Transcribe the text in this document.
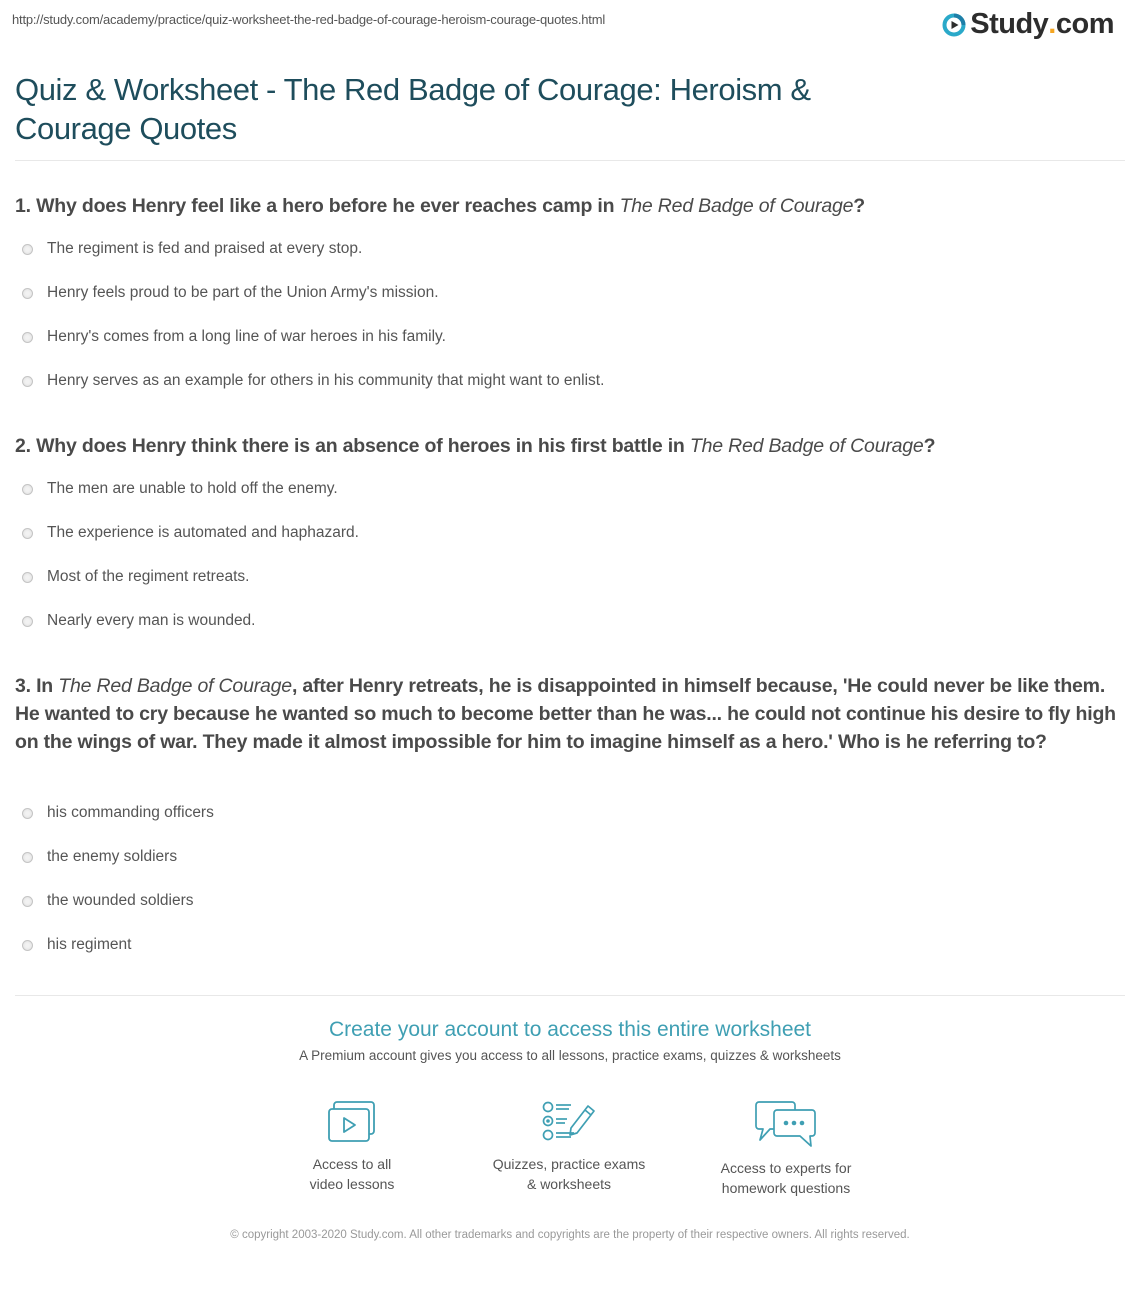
http://study.com/academy/practice/quiz-worksheet-the-red-badge-of-courage-heroism-courage-quotes.html	Study . com
Quiz & Worksheet - The Red Badge of Courage: Heroism & Courage Quotes
1. Why does Henry feel like a hero before he ever reaches camp in The Red Badge of Courage?
The regiment is fed and praised at every stop.
Henry feels proud to be part of the Union Army's mission.
Henry's comes from a long line of war heroes in his family.
Henry serves as an example for others in his community that might want to enlist.
2. Why does Henry think there is an absence of heroes in his first battle in The Red Badge of Courage?
The men are unable to hold off the enemy.
The experience is automated and haphazard.
Most of the regiment retreats.
Nearly every man is wounded.
3. In The Red Badge of Courage, after Henry retreats, he is disappointed in himself because, 'He could never be like them. He wanted to cry because he wanted so much to become better than he was... he could not continue his desire to fly high on the wings of war. They made it almost impossible for him to imagine himself as a hero.' Who is he referring to?
his commanding officers
the enemy soldiers
the wounded soldiers
his regiment
Create your account to access this entire worksheet
A Premium account gives you access to all lessons, practice exams, quizzes & worksheets
Access to all
video lessons
Quizzes, practice exams
& worksheets
Access to experts for
homework questions
© copyright 2003-2020 Study.com. All other trademarks and copyrights are the property of their respective owners. All rights reserved.
